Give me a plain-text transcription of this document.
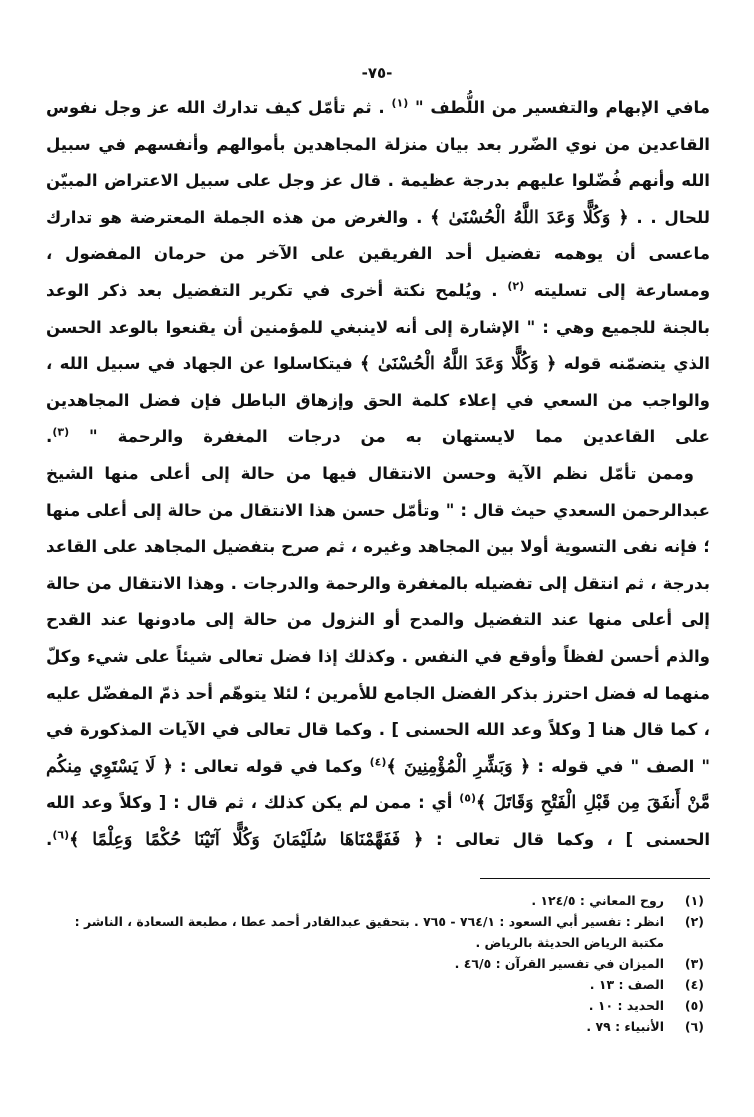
-٧٥-

مافي الإبهام والتفسير من اللُّطف " $^{(١)}$ . ثم تأمّل كيف تدارك الله عز وجل نفوس القاعدين من نوي الضّرر بعد بيان منزلة المجاهدين بأموالهم وأنفسهم في سبيل الله وأنهم فُضّلوا عليهم بدرجة عظيمة . قال عز وجل على سبيل الاعتراض المبيّن للحال . . ﴿ وَكُلًّا وَعَدَ اللَّهُ الْحُسْنَىٰ ﴾ . والغرض من هذه الجملة المعترضة هو تدارك ماعسى أن يوهمه تفضيل أحد الفريقين على الآخر من حرمان المفضول ، ومسارعة إلى تسليته $^{(٢)}$ . ويُلمح نكتة أخرى في تكرير التفضيل بعد ذكر الوعد بالجنة للجميع وهي : " الإشارة إلى أنه لاينبغي للمؤمنين أن يقنعوا بالوعد الحسن الذي يتضمّنه قوله ﴿ وَكُلًّا وَعَدَ اللَّهُ الْحُسْنَىٰ ﴾ فيتكاسلوا عن الجهاد في سبيل الله ، والواجب من السعي في إعلاء كلمة الحق وإزهاق الباطل فإن فضل المجاهدين على القاعدين مما لايستهان به من درجات المغفرة والرحمة " $^{(٣)}$.

وممن تأمّل نظم الآية وحسن الانتقال فيها من حالة إلى أعلى منها الشيخ عبدالرحمن السعدي حيث قال : " وتأمّل حسن هذا الانتقال من حالة إلى أعلى منها ؛ فإنه نفى التسوية أولا بين المجاهد وغيره ، ثم صرح بتفضيل المجاهد على القاعد بدرجة ، ثم انتقل إلى تفضيله بالمغفرة والرحمة والدرجات . وهذا الانتقال من حالة إلى أعلى منها عند التفضيل والمدح أو النزول من حالة إلى مادونها عند القدح والذم أحسن لفظاً وأوقع في النفس . وكذلك إذا فضل تعالى شيئاً على شيء وكلّ منهما له فضل احترز بذكر الفضل الجامع للأمرين ؛ لئلا يتوهّم أحد ذمّ المفضّل عليه ، كما قال هنا [ وكلاً وعد الله الحسنى ] . وكما قال تعالى في الآيات المذكورة في " الصف " في قوله : ﴿ وَبَشِّرِ الْمُؤْمِنِينَ ﴾$^{(٤)}$ وكما في قوله تعالى : ﴿ لَا يَسْتَوِي مِنكُم مَّنْ أَنفَقَ مِن قَبْلِ الْفَتْحِ وَقَاتَلَ ﴾$^{(٥)}$ أي : ممن لم يكن كذلك ، ثم قال : [ وكلاً وعد الله الحسنى ] ، وكما قال تعالى : ﴿ فَفَهَّمْنَاهَا سُلَيْمَانَ وَكُلًّا آتَيْنَا حُكْمًا وَعِلْمًا ﴾$^{(٦)}$.

(١)
روح المعاني : ١٢٤/٥ .
(٢)
انظر : تفسير أبي السعود : ٧٦٤/١ - ٧٦٥ . بتحقيق عبدالقادر أحمد عطا ، مطبعة السعادة ، الناشر : مكتبة الرياض الحديثة بالرياض .
(٣)
الميزان في تفسير القرآن : ٤٦/٥ .
(٤)
الصف : ١٣ .
(٥)
الحديد : ١٠ .
(٦)
الأنبياء : ٧٩ .
